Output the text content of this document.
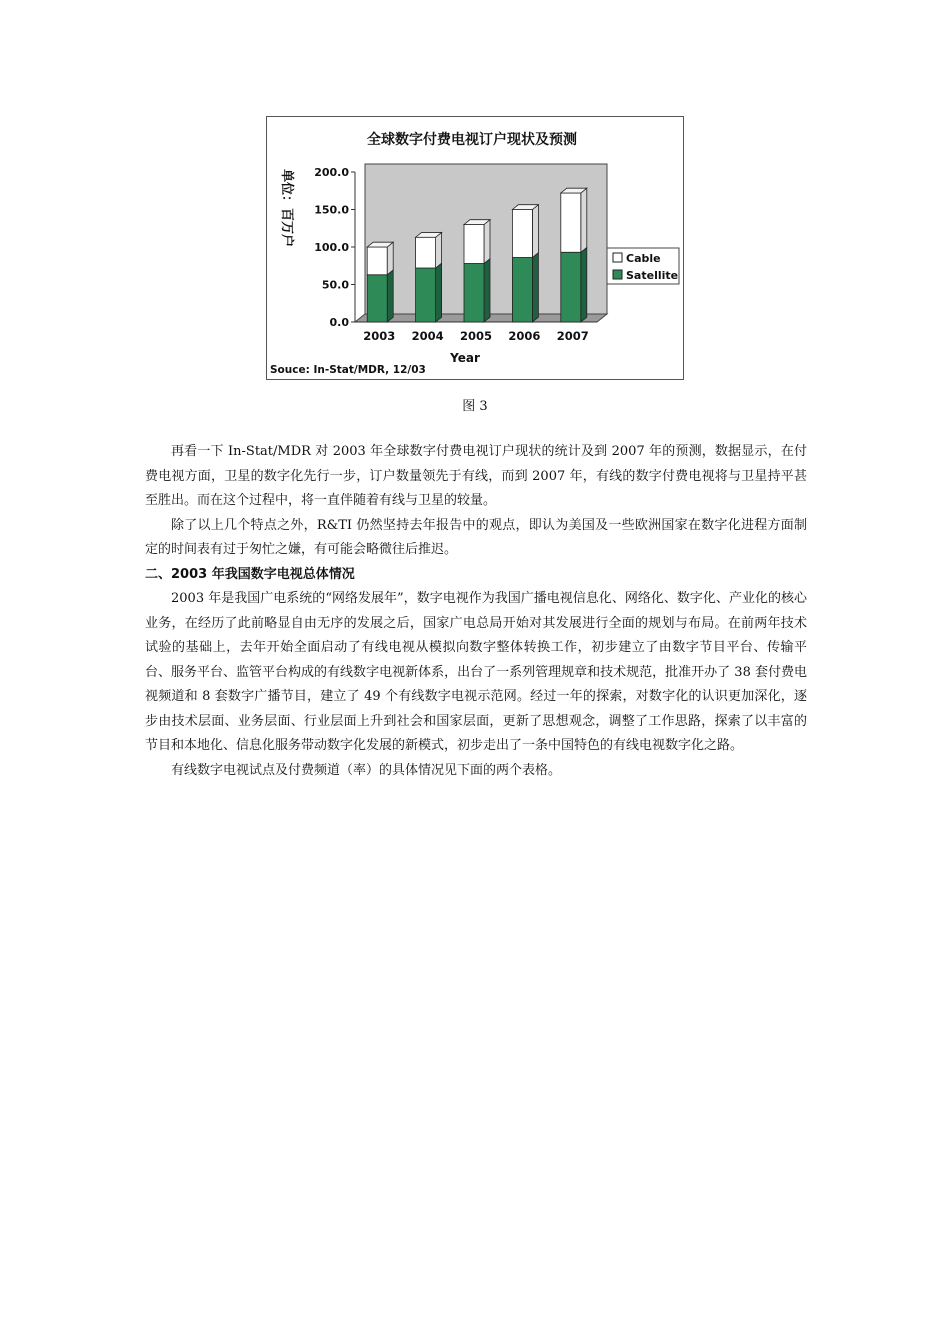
全球数字付费电视订户现状及预测
单位：百万户
0.0
50.0
100.0
150.0
200.0
2003 2004 2005 2006 2007
Year
Cable
Satellite
Souce: In-Stat/MDR, 12/03
图 3

再看一下 In-Stat/MDR 对 2003 年全球数字付费电视订户现状的统计及到 2007 年的预测，数据显示，在付费电视方面，卫星的数字化先行一步，订户数量领先于有线，而到 2007 年，有线的数字付费电视将与卫星持平甚至胜出。而在这个过程中，将一直伴随着有线与卫星的较量。

除了以上几个特点之外，R&TI 仍然坚持去年报告中的观点，即认为美国及一些欧洲国家在数字化进程方面制定的时间表有过于匆忙之嫌，有可能会略微往后推迟。

二、2003 年我国数字电视总体情况

2003 年是我国广电系统的“网络发展年”，数字电视作为我国广播电视信息化、网络化、数字化、产业化的核心业务，在经历了此前略显自由无序的发展之后，国家广电总局开始对其发展进行全面的规划与布局。在前两年技术试验的基础上，去年开始全面启动了有线电视从模拟向数字整体转换工作，初步建立了由数字节目平台、传输平台、服务平台、监管平台构成的有线数字电视新体系，出台了一系列管理规章和技术规范，批准开办了 38 套付费电视频道和 8 套数字广播节目，建立了 49 个有线数字电视示范网。经过一年的探索，对数字化的认识更加深化，逐步由技术层面、业务层面、行业层面上升到社会和国家层面，更新了思想观念，调整了工作思路，探索了以丰富的节目和本地化、信息化服务带动数字化发展的新模式，初步走出了一条中国特色的有线电视数字化之路。

有线数字电视试点及付费频道（率）的具体情况见下面的两个表格。
